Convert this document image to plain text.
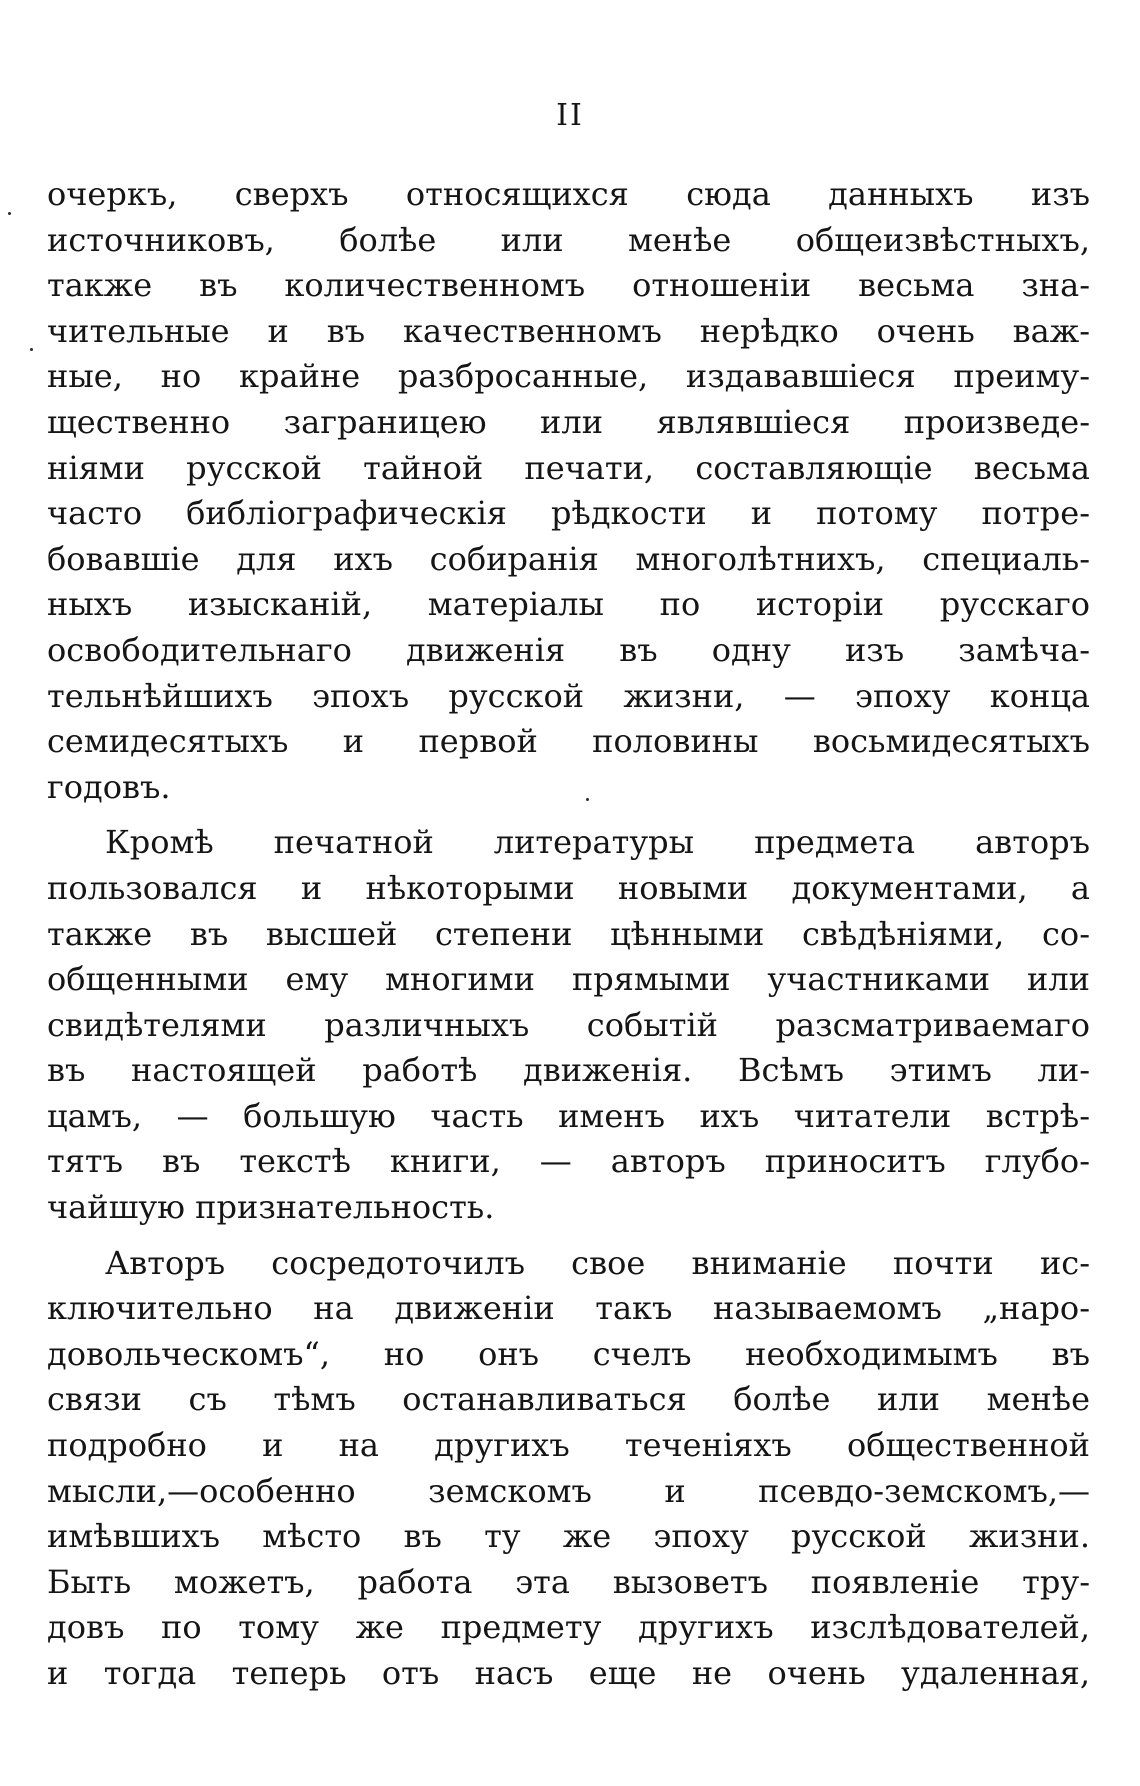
II
очеркъ, сверхъ относящихся сюда данныхъ изъ
источниковъ, болѣе или менѣе общеизвѣстныхъ,
также въ количественномъ отношеніи весьма зна-
чительные и въ качественномъ нерѣдко очень важ-
ные, но крайне разбросанные, издававшіеся преиму-
щественно заграницею или являвшіеся произведе-
ніями русской тайной печати, составляющіе весьма
часто библіографическія рѣдкости и потому потре-
бовавшіе для ихъ собиранія многолѣтнихъ, специаль-
ныхъ изысканій, матеріалы по исторіи русскаго
освободительнаго движенія въ одну изъ замѣча-
тельнѣйшихъ эпохъ русской жизни, — эпоху конца
семидесятыхъ и первой половины восьмидесятыхъ
годовъ.
Кромѣ печатной литературы предмета авторъ
пользовался и нѣкоторыми новыми документами, а
также въ высшей степени цѣнными свѣдѣніями, со-
общенными ему многими прямыми участниками или
свидѣтелями различныхъ событій разсматриваемаго
въ настоящей работѣ движенія. Всѣмъ этимъ ли-
цамъ, — большую часть именъ ихъ читатели встрѣ-
тятъ въ текстѣ книги, — авторъ приноситъ глубо-
чайшую признательность.
Авторъ сосредоточилъ свое вниманіе почти ис-
ключительно на движеніи такъ называемомъ „наро-
довольческомъ“, но онъ счелъ необходимымъ въ
связи съ тѣмъ останавливаться болѣе или менѣе
подробно и на другихъ теченіяхъ общественной
мысли,—особенно земскомъ и псевдо-земскомъ,—
имѣвшихъ мѣсто въ ту же эпоху русской жизни.
Быть можетъ, работа эта вызоветъ появленіе тру-
довъ по тому же предмету другихъ изслѣдователей,
и тогда теперь отъ насъ еще не очень удаленная,
